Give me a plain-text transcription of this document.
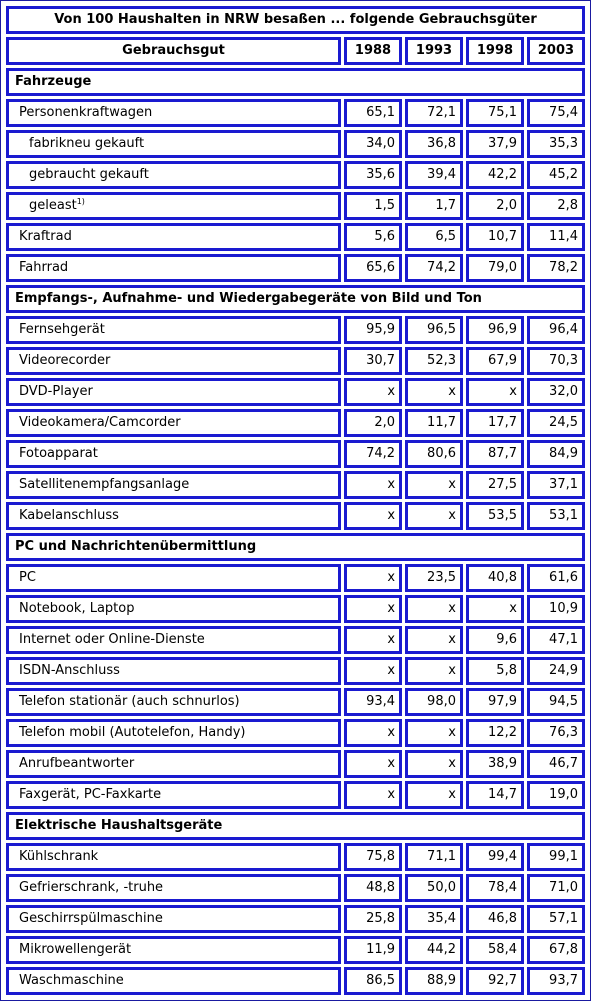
Von 100 Haushalten in NRW besaßen ... folgende Gebrauchsgüter				
Gebrauchsgut	1988	1993	1998	2003
Fahrzeuge				
Personenkraftwagen	65,1	72,1	75,1	75,4
fabrikneu gekauft	34,0	36,8	37,9	35,3
gebraucht gekauft	35,6	39,4	42,2	45,2
geleast$^{1)}$	1,5	1,7	2,0	2,8
Kraftrad	5,6	6,5	10,7	11,4
Fahrrad	65,6	74,2	79,0	78,2
Empfangs-, Aufnahme- und Wiedergabegeräte von Bild und Ton				
Fernsehgerät	95,9	96,5	96,9	96,4
Videorecorder	30,7	52,3	67,9	70,3
DVD-Player	x	x	x	32,0
Videokamera/Camcorder	2,0	11,7	17,7	24,5
Fotoapparat	74,2	80,6	87,7	84,9
Satellitenempfangsanlage	x	x	27,5	37,1
Kabelanschluss	x	x	53,5	53,1
PC und Nachrichtenübermittlung				
PC	x	23,5	40,8	61,6
Notebook, Laptop	x	x	x	10,9
Internet oder Online-Dienste	x	x	9,6	47,1
ISDN-Anschluss	x	x	5,8	24,9
Telefon stationär (auch schnurlos)	93,4	98,0	97,9	94,5
Telefon mobil (Autotelefon, Handy)	x	x	12,2	76,3
Anrufbeantworter	x	x	38,9	46,7
Faxgerät, PC-Faxkarte	x	x	14,7	19,0
Elektrische Haushaltsgeräte				
Kühlschrank	75,8	71,1	99,4	99,1
Gefrierschrank, -truhe	48,8	50,0	78,4	71,0
Geschirrspülmaschine	25,8	35,4	46,8	57,1
Mikrowellengerät	11,9	44,2	58,4	67,8
Waschmaschine	86,5	88,9	92,7	93,7
